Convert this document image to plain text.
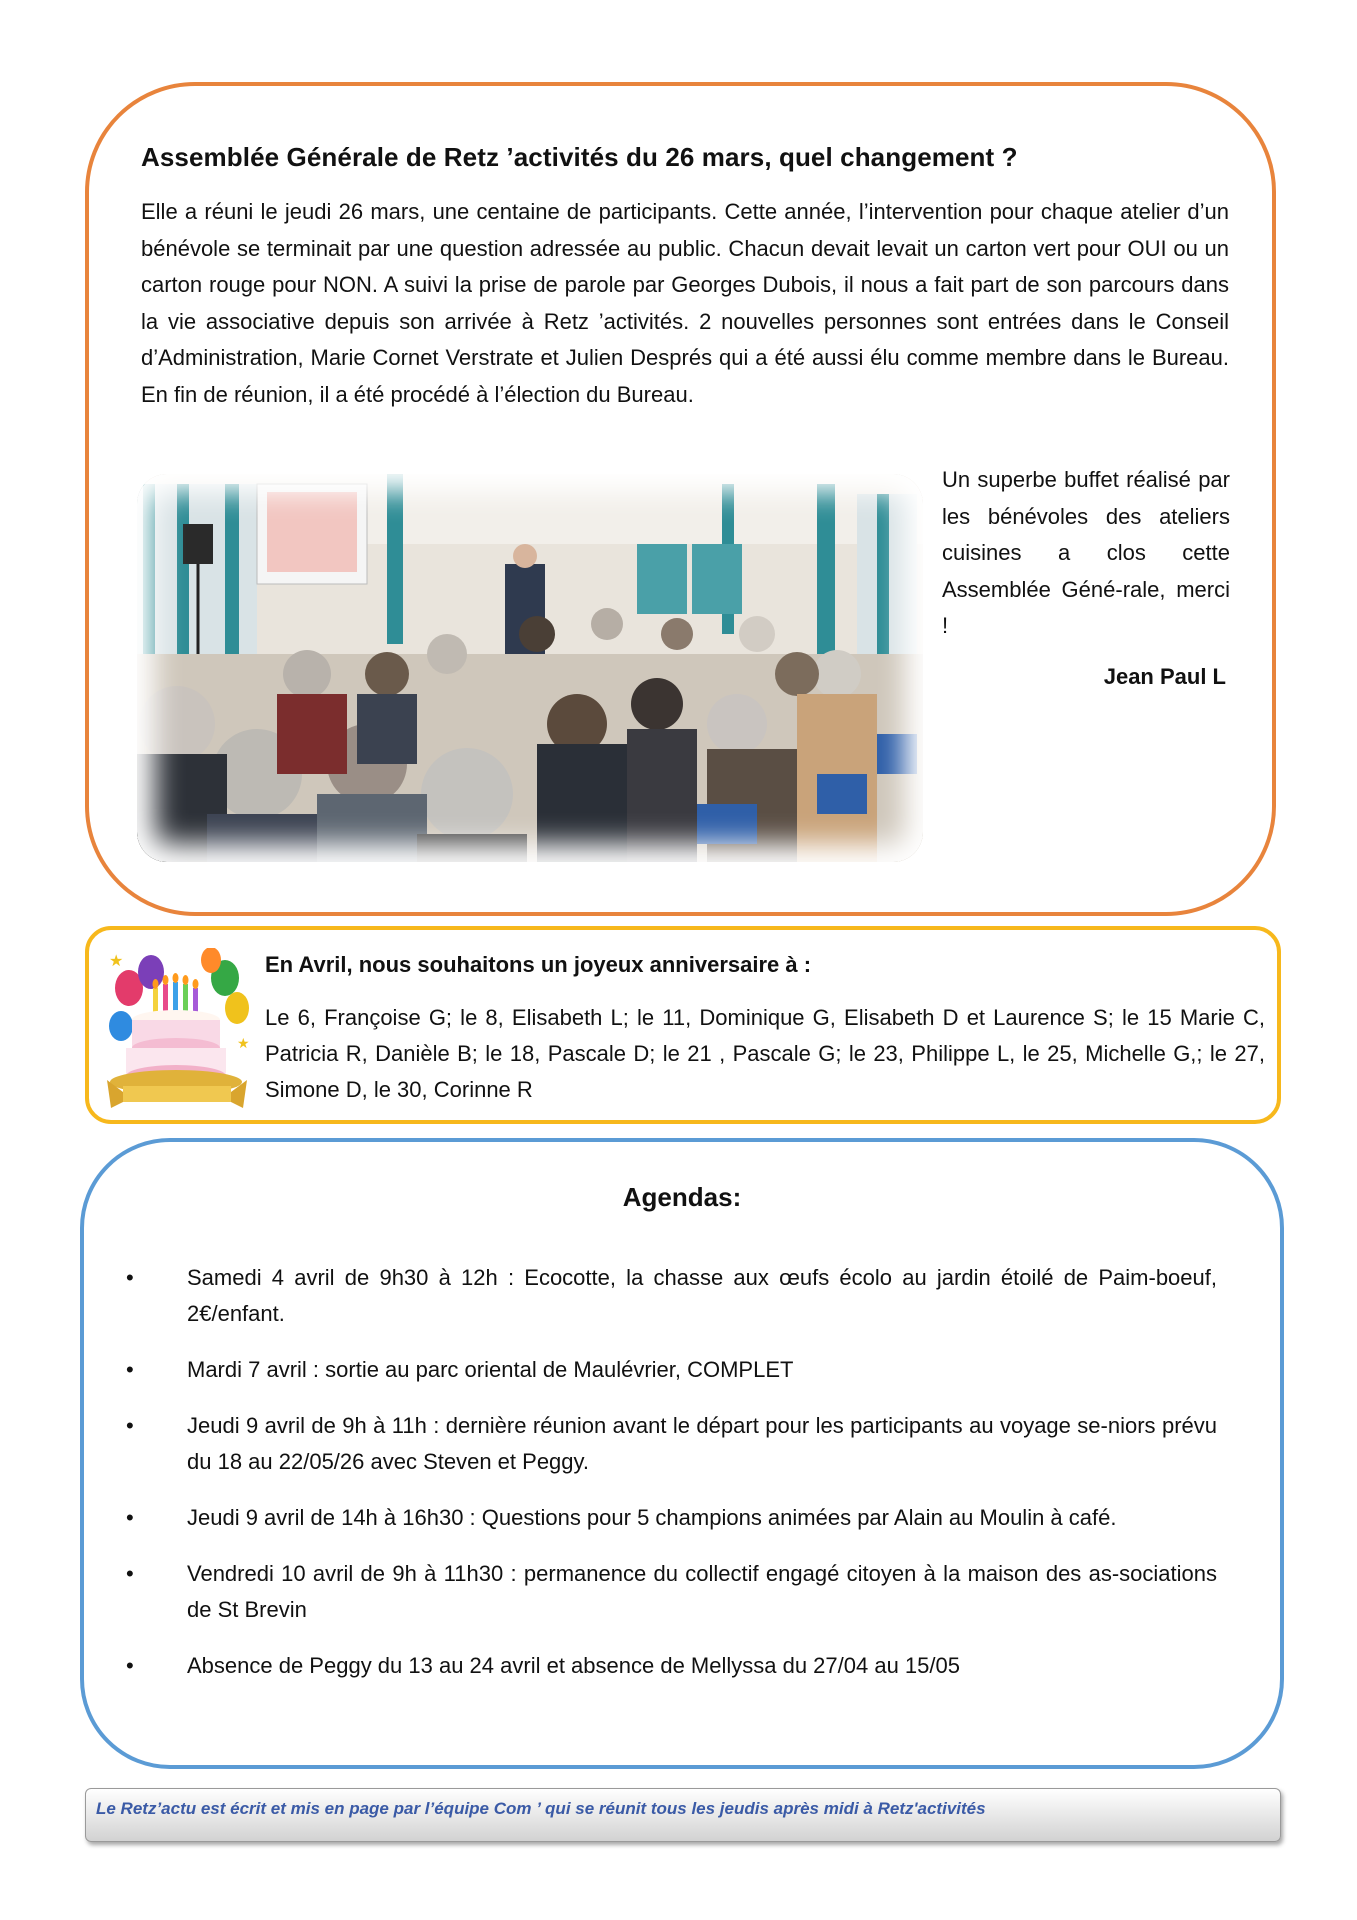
Assemblée Générale de Retz ’activités du 26 mars, quel changement ?

Elle a réuni le jeudi 26 mars, une centaine de participants. Cette année, l’intervention pour chaque atelier d’un bénévole se terminait par une question adressée au public. Chacun devait levait un carton vert pour OUI ou un carton rouge pour NON. A suivi la prise de parole par Georges Dubois, il nous a fait part de son parcours dans la vie associative depuis son arrivée à Retz ’activités. 2 nouvelles personnes sont entrées dans le Conseil d’Administration, Marie Cornet Verstrate et Julien Després qui a été aussi élu comme membre dans le Bureau. En fin de réunion, il a été procédé à l’élection du Bureau.

Un superbe buffet réalisé par les bénévoles des ateliers cuisines a clos cette Assemblée Géné-rale, merci !

Jean Paul L

★
★
En Avril, nous souhaitons un joyeux anniversaire à :

Le 6, Françoise G; le 8, Elisabeth L; le 11, Dominique G, Elisabeth D et Laurence S; le 15 Marie C, Patricia R, Danièle B; le 18, Pascale D; le 21 , Pascale G; le 23, Philippe L, le 25, Michelle G,; le 27, Simone D, le 30, Corinne R

Agendas:
• Samedi 4 avril de 9h30 à 12h : Ecocotte, la chasse aux œufs écolo au jardin étoilé de Paim-boeuf, 2€/enfant.
• Mardi 7 avril : sortie au parc oriental de Maulévrier, COMPLET
• Jeudi 9 avril de 9h à 11h : dernière réunion avant le départ pour les participants au voyage se-niors prévu du 18 au 22/05/26 avec Steven et Peggy.
• Jeudi 9 avril de 14h à 16h30 : Questions pour 5 champions animées par Alain au Moulin à café.
• Vendredi 10 avril de 9h à 11h30 : permanence du collectif engagé citoyen à la maison des as-sociations de St Brevin
• Absence de Peggy du 13 au 24 avril et absence de Mellyssa du 27/04 au 15/05

Le Retz’actu est écrit et mis en page par l’équipe Com ’ qui se réunit tous les jeudis après midi à Retz'activités
